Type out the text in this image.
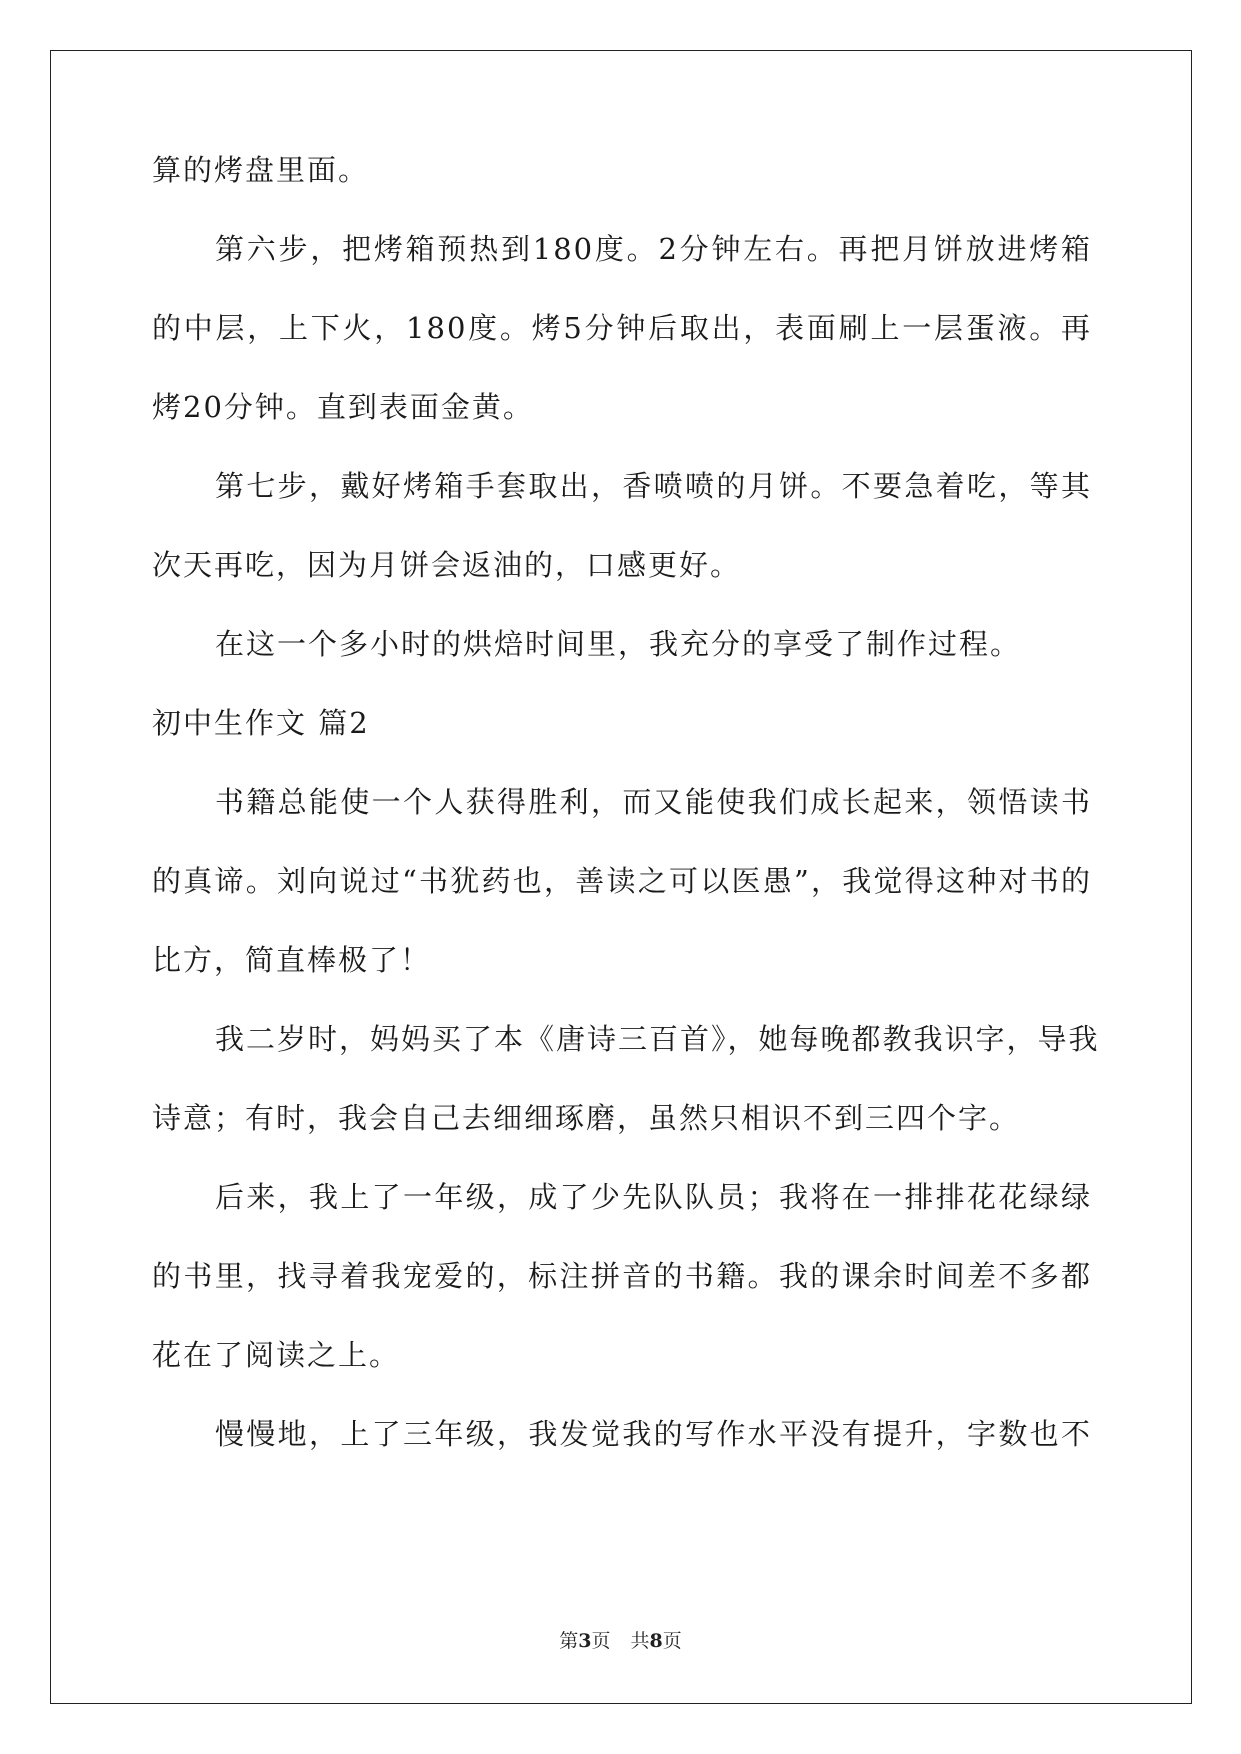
算的烤盘里面。
第六步，把烤箱预热到180度。2分钟左右。再把月饼放进烤箱
的中层，上下火，180度。烤5分钟后取出，表面刷上一层蛋液。再
烤20分钟。直到表面金黄。
第七步，戴好烤箱手套取出，香喷喷的月饼。不要急着吃，等其
次天再吃，因为月饼会返油的，口感更好。
在这一个多小时的烘焙时间里，我充分的享受了制作过程。
初中生作文 篇2
书籍总能使一个人获得胜利，而又能使我们成长起来，领悟读书
的真谛。刘向说过“书犹药也，善读之可以医愚”，我觉得这种对书的
比方，简直棒极了！
我二岁时，妈妈买了本《唐诗三百首》，她每晚都教我识字，导我
诗意；有时，我会自己去细细琢磨，虽然只相识不到三四个字。
后来，我上了一年级，成了少先队队员；我将在一排排花花绿绿
的书里，找寻着我宠爱的，标注拼音的书籍。我的课余时间差不多都
花在了阅读之上。
慢慢地，上了三年级，我发觉我的写作水平没有提升，字数也不
第3页 共8页
